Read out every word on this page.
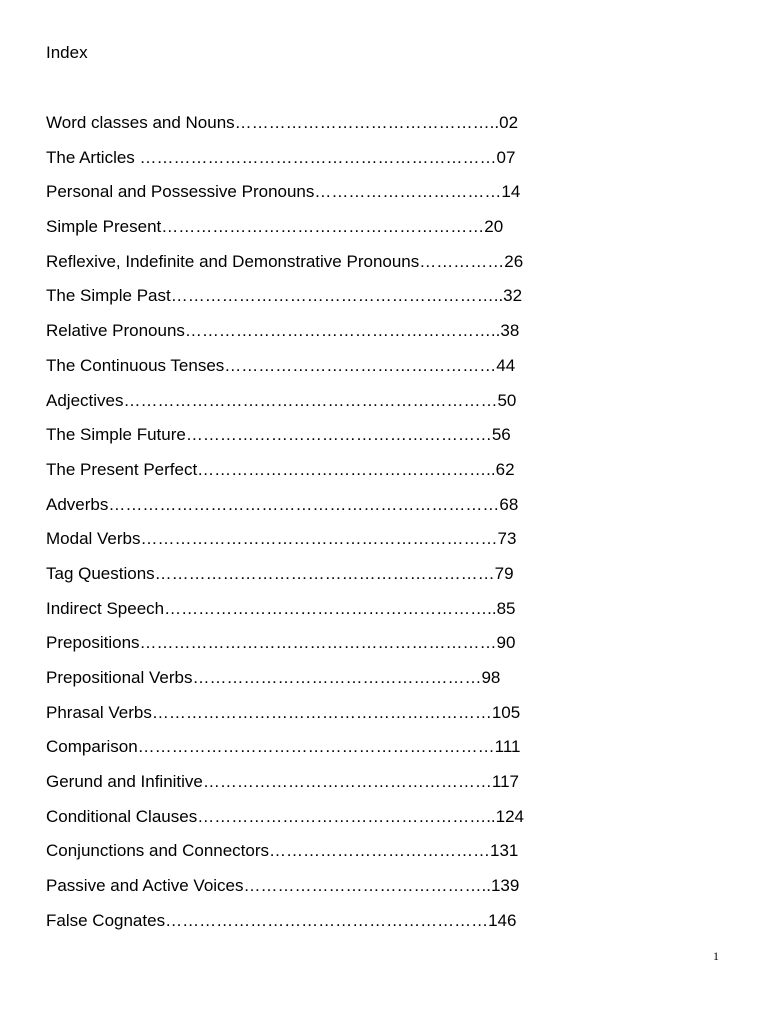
Index
Word classes and Nouns………………………………………..02
The Articles ………………………………………………………07
Personal and Possessive Pronouns……………………………14
Simple Present…………………………………………………20
Reflexive, Indefinite and Demonstrative Pronouns……………26
The Simple Past…………………………………………………..32
Relative Pronouns………………………………………………..38
The Continuous Tenses…………………………………………44
Adjectives…………………………………………………………50
The Simple Future………………………………………………56
The Present Perfect……………………………………………..62
Adverbs……………………………………………………………68
Modal Verbs………………………………………………………73
Tag Questions……………………………………………………79
Indirect Speech…………………………………………………..85
Prepositions………………………………………………………90
Prepositional Verbs……………………………………………98
Phrasal Verbs……………………………………………………105
Comparison………………………………………………………111
Gerund and Infinitive……………………………………………117
Conditional Clauses……………………………………………..124
Conjunctions and Connectors…………………………………131
Passive and Active Voices……………………………………..139
False Cognates…………………………………………………146
1
